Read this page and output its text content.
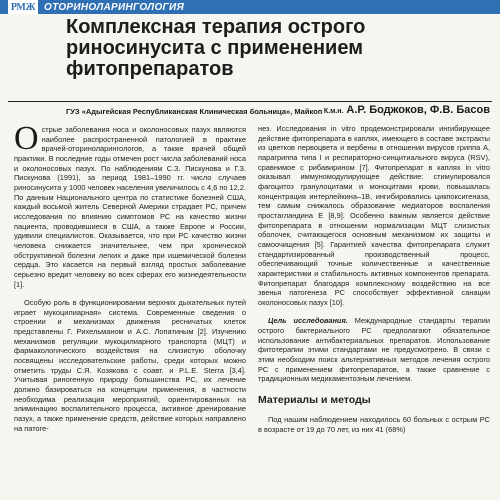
РМЖ ОТОРИНОЛАРИНГОЛОГИЯ
Комплексная терапия острого риносинусита с применением фитопрепаратов
ГУЗ «Адыгейская Республиканская Клиническая больница», Майкоп К.м.н. А.Р. Боджоков, Ф.В. Басов

Острые заболевания носа и околоносовых пазух являются наиболее распространенной патологией в практике врачей-оториноларингологов, а также врачей общей практики. В последние годы отмечен рост числа заболеваний носа и околоносовых пазух. По наблюдениям С.З. Пискунова и Г.З. Пискунова (1991), за период 1981–1990 гг. число случаев риносинусита у 1000 человек населения увеличилось с 4,6 по 12,2. По данным Национального центра по статистике болезней США, каждый восьмой житель Северной Америки страдает РС, причем исследования по влиянию симптомов РС на качество жизни пациента, проводившиеся в США, а также Европе и России, удивили специалистов. Оказывается, что при РС качество жизни человека снижается значительнее, чем при хронической обструктивной болезни легких и даже при ишемической болезни сердца. Это касается на первый взгляд простых заболевание серьезно вредит человеку во всех сферах его жизнедеятельности [1].

Особую роль в функционировании верхних дыхательных путей играет мукоцилиарная» система. Современные сведения о строении и механизмах движения ресничатых клеток представлены Г. Рихельманом и А.С. Лопатиным [2]. Изучению механизмов регуляции мукоцилиарного транспорта (МЦТ) и фармакологического воздействия на слизистую оболочку посвящены исследовательские работы, среди которых можно отметить труды С.Я. Козякова с соавт. и P.L.E. Sterra [3,4]. Учитывая риногенную природу большинства РС, их лечение должно базироваться на концепции применения, в частности необходима реализация мероприятий, ориентированных на элиминацию воспалительного процесса, активное дренирование пазух, а также применение средств, действие которых направлено на патоге-

нез. Исследования in vitro продемонстрировали ингибирующее действие фитопрепарата в каплях, имеющего в составе экстракты из цветков первоцвета и вербены в отношении вирусов гриппа А, парагриппа типа I и респираторно-синцитиального вируса (RSV), сравнимое с рибавирином [7]. Фитопрепарат в каплях in vitro оказывал иммуномодулирующее действие: стимулировался фагоцитоз гранулоцитами и моноцитами крови, повышалась концентрация интерлейкина–1В, ингибировались цикпоксигеназа, тем самым снижалось образование медиаторов воспаления простагландина Е [8,9]. Особенно важным является действие фитопрепарата в отношении нормализации МЦТ слизистых оболочек, считающегося основным механизмом их защиты и самоочищения [5]. Гарантией качества фитопрепарата служит стандартизированный производственный процесс, обеспечивающий точные количественные и качественные характеристики и стабильность активных компонентов препарата. Фитопрепарат благодаря комплексному воздействию на все звенья патогенеза РС способствует эффективной санации околоносовых пазух [10].

Цель исследования. Международные стандарты терапии острого бактериального РС предполагают обязательное использование антибактериальных препаратов. Использование фитотерапии этими стандартами не предусмотрено. В связи с этим необходим поиск альтернативных методов лечения острого РС с применением фитопрепаратов, а также сравнение с традиционным медикаментозным лечением.

Материалы и методы

Под нашим наблюдением находилось 60 больных с острым РС в возрасте от 19 до 70 лет, из них 41 (68%)
